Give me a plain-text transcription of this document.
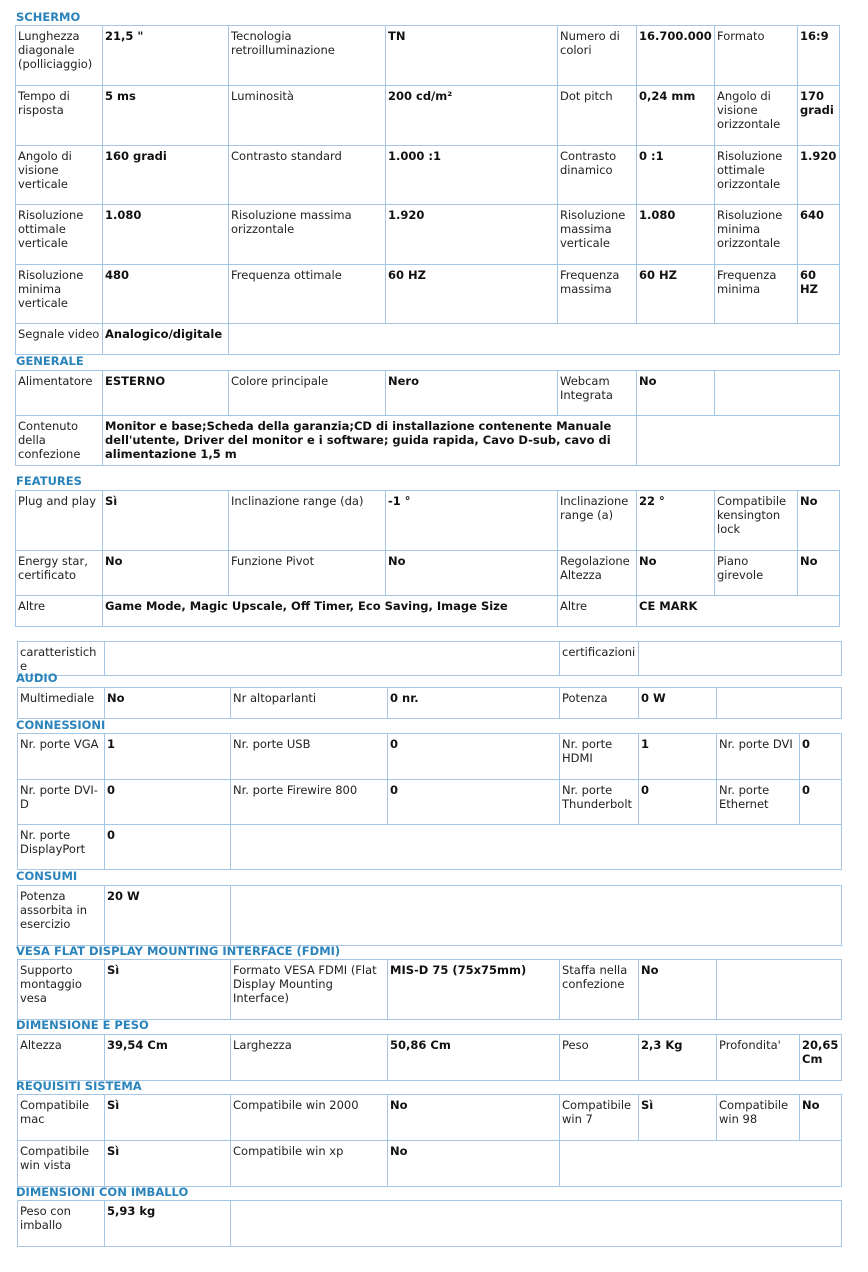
SCHERMO
Lunghezza diagonale (polliciaggio)	21,5 "	Tecnologia retroilluminazione	TN	Numero di colori	16.700.000	Formato	16:9
Tempo di risposta	5 ms	Luminosità	200 cd/m²	Dot pitch	0,24 mm	Angolo di visione orizzontale	170 gradi
Angolo di visione verticale	160 gradi	Contrasto standard	1.000 :1	Contrasto dinamico	0 :1	Risoluzione ottimale orizzontale	1.920
Risoluzione ottimale verticale	1.080	Risoluzione massima orizzontale	1.920	Risoluzione massima verticale	1.080	Risoluzione minima orizzontale	640
Risoluzione minima verticale	480	Frequenza ottimale	60 HZ	Frequenza massima	60 HZ	Frequenza minima	60 HZ
Segnale video	Analogico/digitale						
GENERALE
Alimentatore	ESTERNO	Colore principale	Nero	Webcam Integrata	No	
Contenuto della confezione	Monitor e base;Scheda della garanzia;CD di installazione contenente Manuale dell'utente, Driver del monitor e i software; guida rapida, Cavo D-sub, cavo di alimentazione 1,5 m					
FEATURES
Plug and play	Sì	Inclinazione range (da)	-1 °	Inclinazione range (a)	22 °	Compatibile kensington lock	No
Energy star, certificato	No	Funzione Pivot	No	Regolazione Altezza	No	Piano girevole	No
Altre	Game Mode, Magic Upscale, Off Timer, Eco Saving, Image Size			Altre	CE MARK		
caratteristiche		certificazioni	
AUDIO
Multimediale	No	Nr altoparlanti	0 nr.	Potenza	0 W	
CONNESSIONI
Nr. porte VGA	1	Nr. porte USB	0	Nr. porte HDMI	1	Nr. porte DVI	0
Nr. porte DVI-D	0	Nr. porte Firewire 800	0	Nr. porte Thunderbolt	0	Nr. porte Ethernet	0
Nr. porte DisplayPort	0						
CONSUMI
Potenza assorbita in esercizio	20 W	
VESA FLAT DISPLAY MOUNTING INTERFACE (FDMI)
Supporto montaggio vesa	Sì	Formato VESA FDMI (Flat Display Mounting Interface)	MIS-D 75 (75x75mm)	Staffa nella confezione	No	
DIMENSIONE E PESO
Altezza	39,54 Cm	Larghezza	50,86 Cm	Peso	2,3 Kg	Profondita'	20,65 Cm
REQUISITI SISTEMA
Compatibile mac	Sì	Compatibile win 2000	No	Compatibile win 7	Sì	Compatibile win 98	No
Compatibile win vista	Sì	Compatibile win xp	No				
DIMENSIONI CON IMBALLO
Peso con imballo	5,93 kg	
